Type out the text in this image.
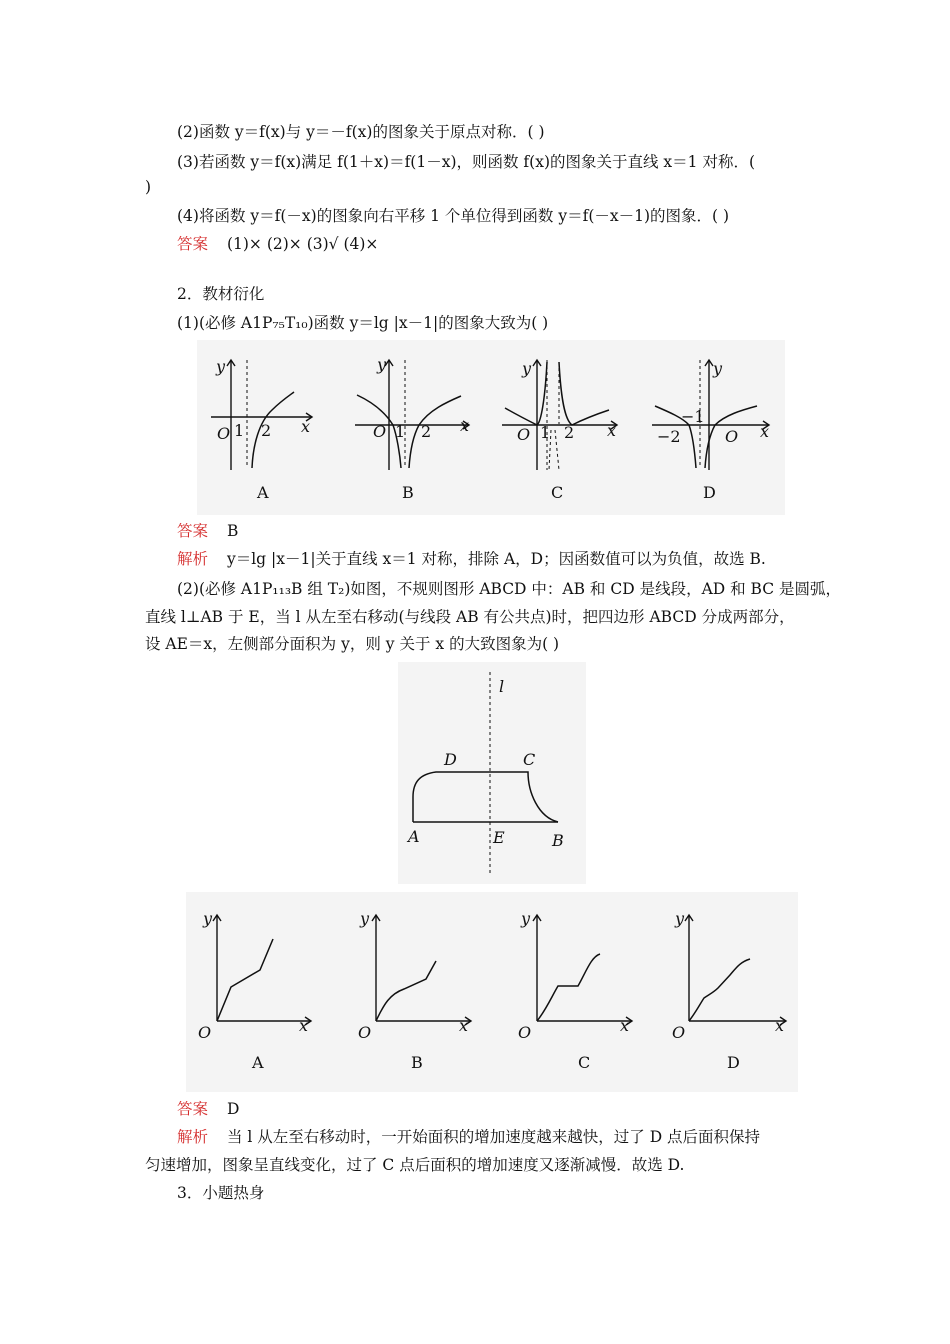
(2)函数 y＝f(x)与 y＝－f(x)的图象关于原点对称．( )
(3)若函数 y＝f(x)满足 f(1＋x)＝f(1－x)，则函数 f(x)的图象关于直线 x＝1 对称．(
)
(4)将函数 y＝f(－x)的图象向右平移 1 个单位得到函数 y＝f(－x－1)的图象．( )
答案 (1)× (2)× (3)√ (4)×
2．教材衍化
(1)(必修 A1P₇₅T₁₀)函数 y＝lg |x－1|的图象大致为( )
O 1 2 x
y
A
O 1 2 x
y
B
O 1 2 x
y
C
−1
−2	O x
y
D
答案 B
解析 y＝lg |x－1|关于直线 x＝1 对称，排除 A，D；因函数值可以为负值，故选 B.
(2)(必修 A1P₁₁₃B 组 T₂)如图，不规则图形 ABCD 中：AB 和 CD 是线段，AD 和 BC 是圆弧，
直线 l⊥AB 于 E，当 l 从左至右移动(与线段 AB 有公共点)时，把四边形 ABCD 分成两部分，
设 AE＝x，左侧部分面积为 y，则 y 关于 x 的大致图象为( )
l
D	C
A	E	B
O	x
y
A
O	x
y
B
O	x
y
C
O	x
y
D
答案 D
解析 当 l 从左至右移动时，一开始面积的增加速度越来越快，过了 D 点后面积保持
匀速增加，图象呈直线变化，过了 C 点后面积的增加速度又逐渐减慢．故选 D.
3．小题热身
